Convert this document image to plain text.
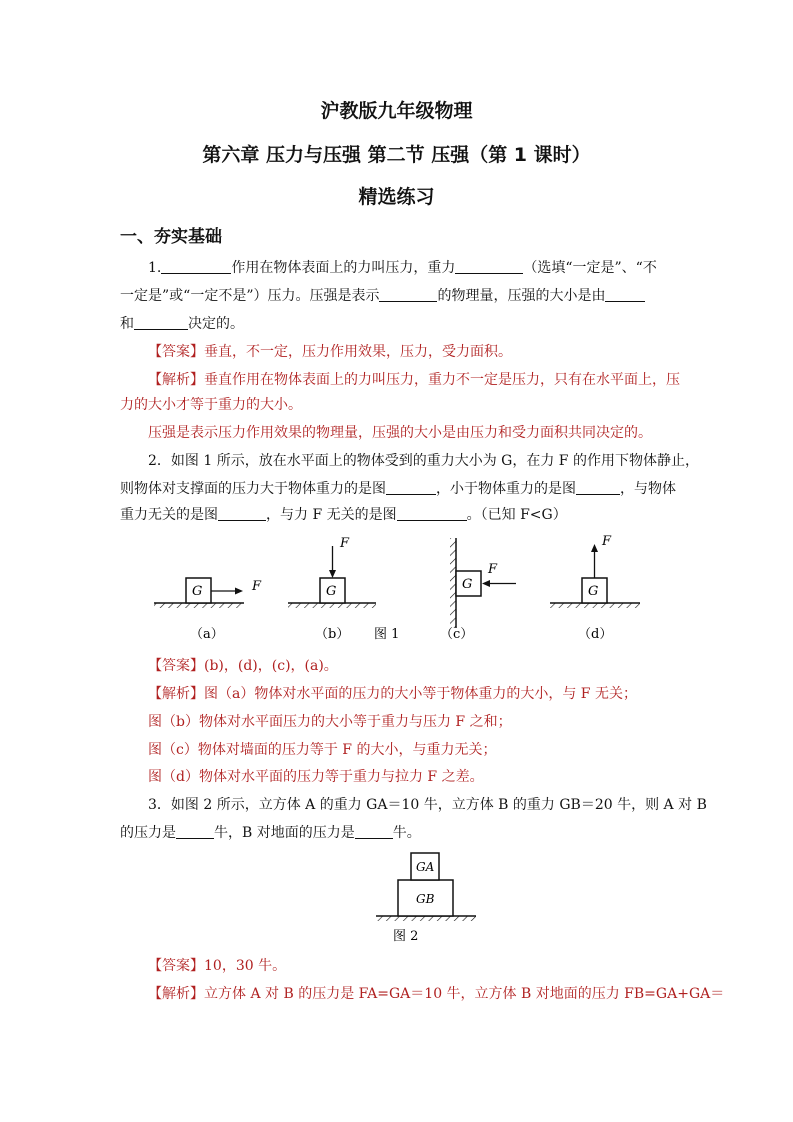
沪教版九年级物理
第六章 压力与压强 第二节 压强（第 1 课时）
精选练习
一、夯实基础
1.	作用在物体表面上的力叫压力，重力	（选填“一定是”、“不
一定是”或“一定不是”）压力。压强是表示	的物理量，压强的大小是由
和	决定的。
【答案】垂直，不一定，压力作用效果，压力，受力面积。
【解析】垂直作用在物体表面上的力叫压力，重力不一定是压力，只有在水平面上，压
力的大小才等于重力的大小。
压强是表示压力作用效果的物理量，压强的大小是由压力和受力面积共同决定的。
2．如图 1 所示，放在水平面上的物体受到的重力大小为 G，在力 F 的作用下物体静止，
则物体对支撑面的压力大于物体重力的是图	，小于物体重力的是图	，与物体
重力无关的是图	，与力 F 无关的是图	。（已知 F<G）
G	F
（a）
G
F
（b） 图 1
G
F
（c）
G
F
（d）
【答案】(b)，(d)，(c)，(a)。
【解析】图（a）物体对水平面的压力的大小等于物体重力的大小，与 F 无关；
图（b）物体对水平面压力的大小等于重力与压力 F 之和；
图（c）物体对墙面的压力等于 F 的大小，与重力无关；
图（d）物体对水平面的压力等于重力与拉力 F 之差。
3．如图 2 所示，立方体 A 的重力 GA＝10 牛，立方体 B 的重力 GB＝20 牛，则 A 对 B
的压力是	牛，B 对地面的压力是	牛。
GB
GA
图 2
【答案】10，30 牛。
【解析】立方体 A 对 B 的压力是 FA=GA＝10 牛，立方体 B 对地面的压力 FB=GA+GA＝
